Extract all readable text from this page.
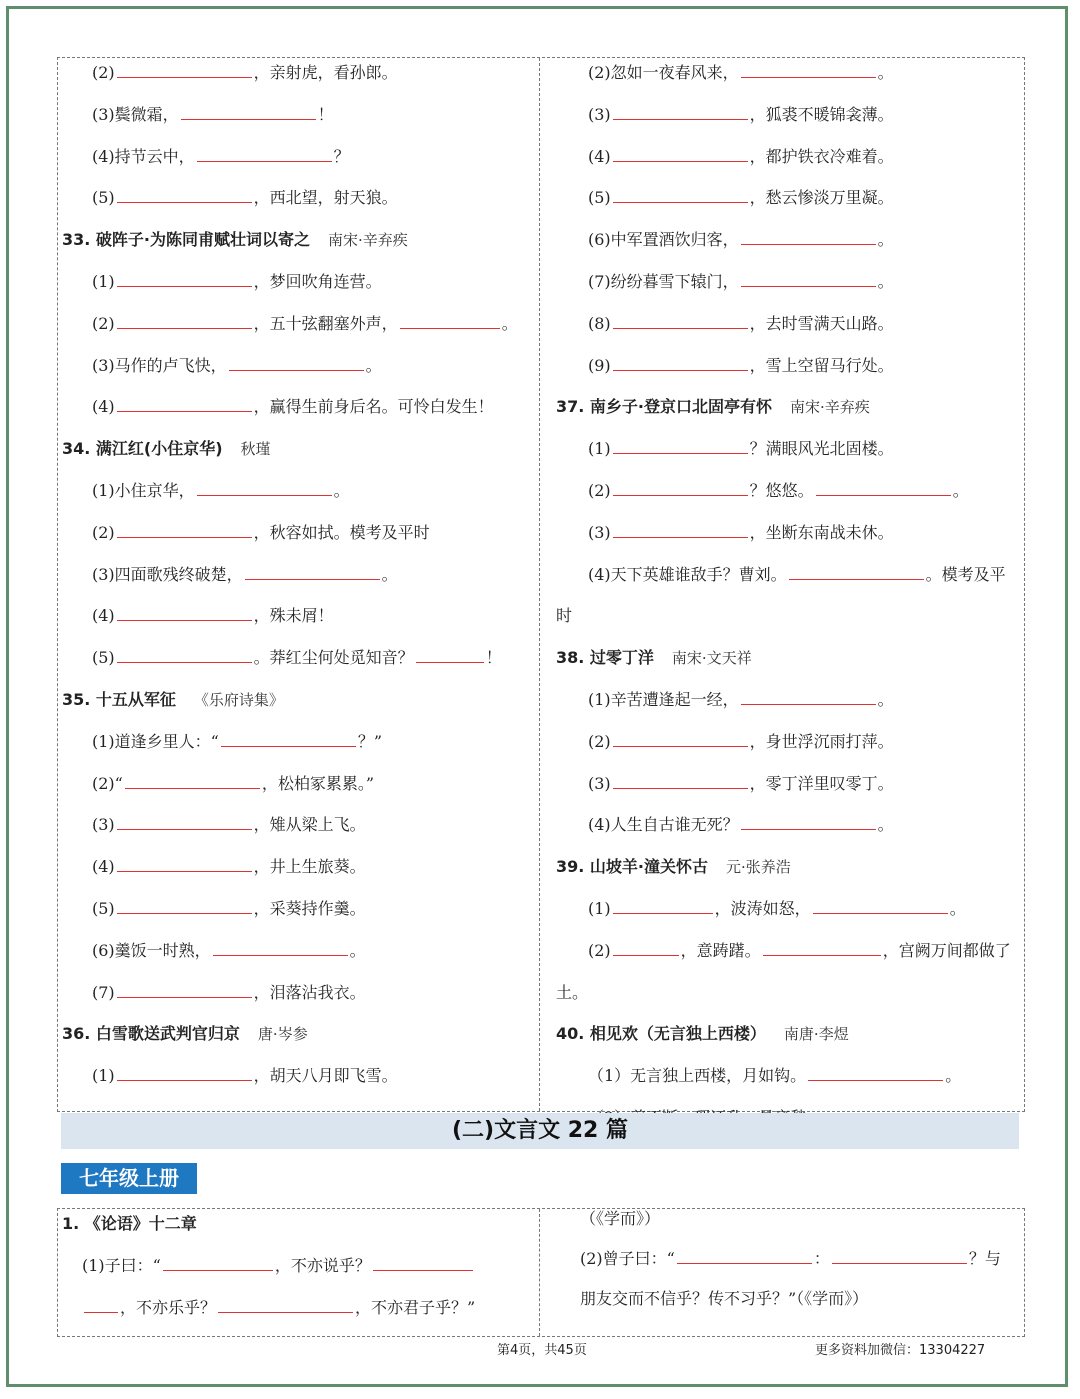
(2)	，亲射虎，看孙郎。
(3)鬓微霜，	！
(4)持节云中，	？
(5)	，西北望，射天狼。
33. 破阵子·为陈同甫赋壮词以寄之 南宋·辛弃疾
(1)	，梦回吹角连营。
(2)	，五十弦翻塞外声，	。
(3)马作的卢飞快，	。
(4)	，赢得生前身后名。可怜白发生！
34. 满江红(小住京华) 秋瑾
(1)小住京华，	。
(2)	，秋容如拭。模考及平时
(3)四面歌残终破楚，	。
(4)	，殊未屑！
(5)	。莽红尘何处觅知音？	！
35. 十五从军征 《乐府诗集》
(1)道逢乡里人：“	？”
(2)“	，松柏冢累累。”
(3)	，雉从梁上飞。
(4)	，井上生旅葵。
(5)	，采葵持作羹。
(6)羹饭一时熟，	。
(7)	，泪落沾我衣。
36. 白雪歌送武判官归京 唐·岑参
(1)	，胡天八月即飞雪。
(2)忽如一夜春风来，	。
(3)	，狐裘不暖锦衾薄。
(4)	，都护铁衣冷难着。
(5)	，愁云惨淡万里凝。
(6)中军置酒饮归客，	。
(7)纷纷暮雪下辕门，	。
(8)	，去时雪满天山路。
(9)	，雪上空留马行处。
37. 南乡子·登京口北固亭有怀 南宋·辛弃疾
(1)	？满眼风光北固楼。
(2)	？悠悠。	。
(3)	，坐断东南战未休。
(4)天下英雄谁敌手？曹刘。	。模考及平
时
38. 过零丁洋 南宋·文天祥
(1)辛苦遭逢起一经，	。
(2)	，身世浮沉雨打萍。
(3)	，零丁洋里叹零丁。
(4)人生自古谁无死？	。
39. 山坡羊·潼关怀古 元·张养浩
(1)	，波涛如怒，	。
(2)	，意踌躇。	，宫阙万间都做了
土。
40. 相见欢（无言独上西楼） 南唐·李煜
（1）无言独上西楼，月如钩。	。
(二)文言文 22 篇
七年级上册
1. 《论语》十二章
(1)子曰：“	，不亦说乎？
，不亦乐乎？	，不亦君子乎？”
（《学而》）
(2)曾子曰：“	：	？与
朋友交而不信乎？传不习乎？”（《学而》）
第4页，共45页	更多资料加微信：13304227
